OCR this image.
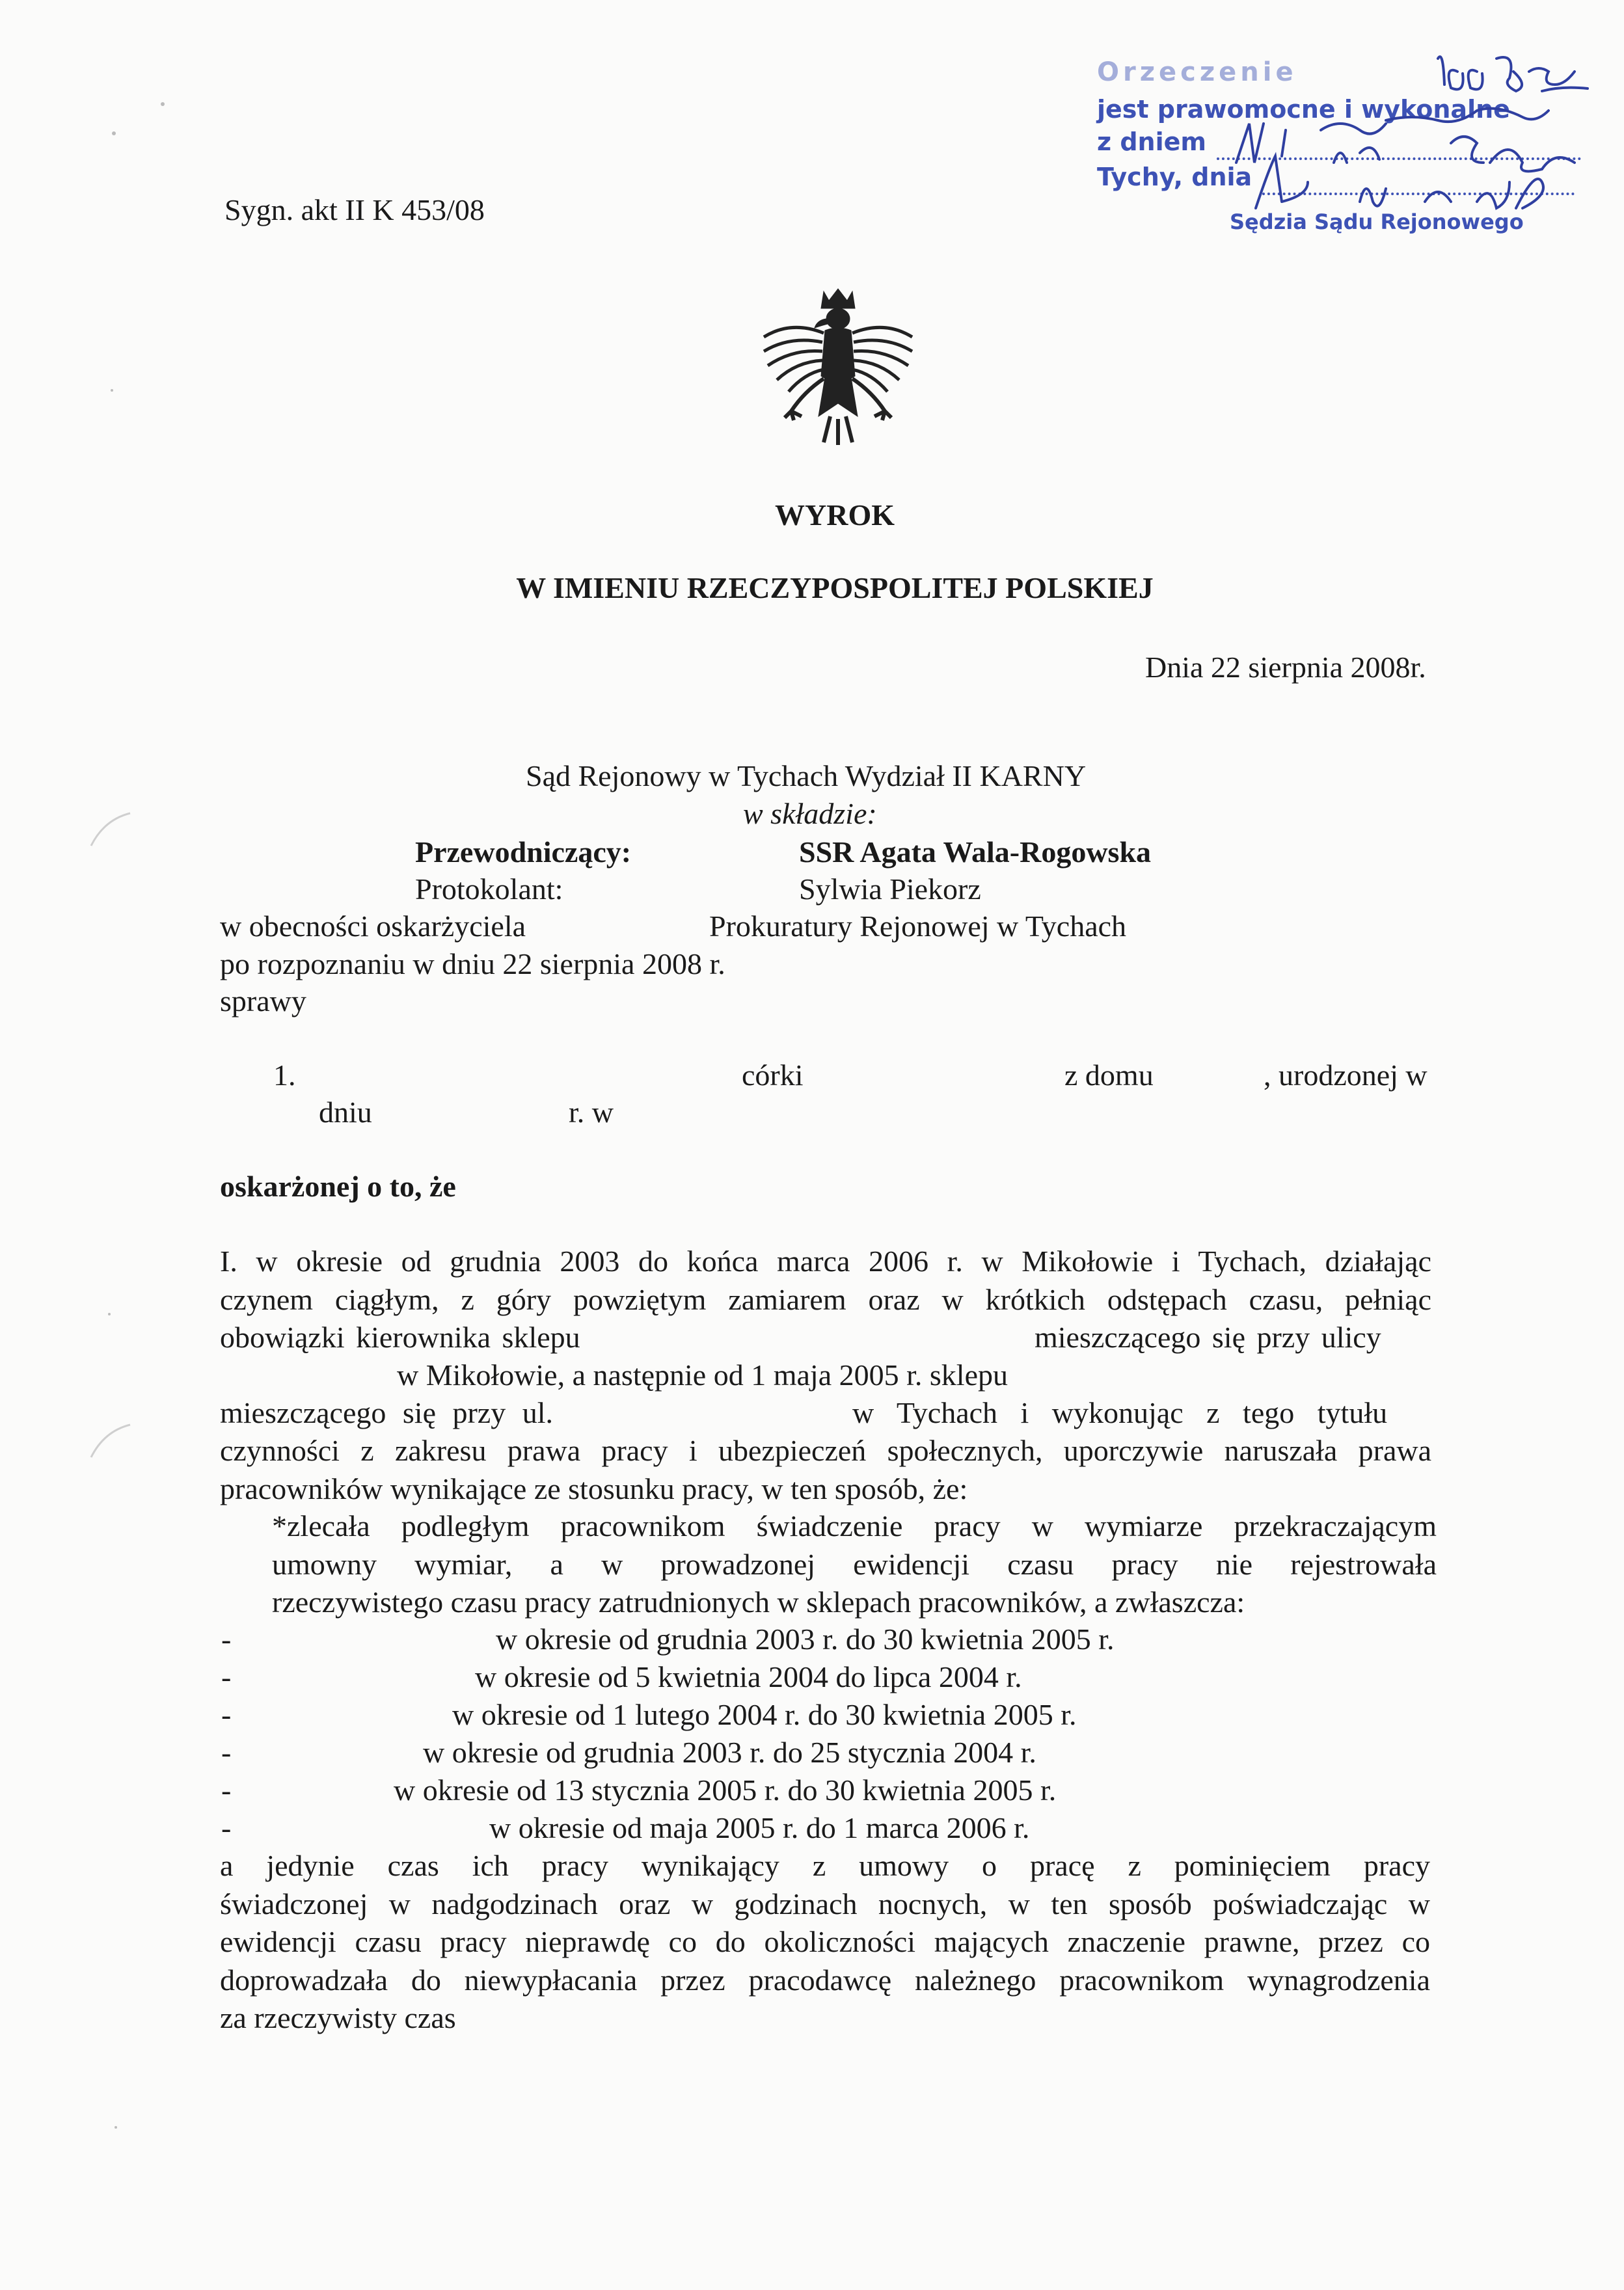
Orzeczenie
jest prawomocne i wykonalne
z dniem
Tychy, dnia
Sędzia Sądu Rejonowego
Sygn. akt II K 453/08
WYROK
W IMIENIU RZECZYPOSPOLITEJ POLSKIEJ
Dnia 22 sierpnia 2008r.
Sąd Rejonowy w Tychach Wydział II KARNY
w składzie:
Przewodniczący:	SSR Agata Wala-Rogowska
Protokolant:	Sylwia Piekorz
w obecności oskarżyciela	Prokuratury Rejonowej w Tychach
po rozpoznaniu w dniu 22 sierpnia 2008 r.
sprawy
1.	córki	z domu	, urodzonej w
dniu	r. w
oskarżonej o to, że
I. w okresie od grudnia 2003 do końca marca 2006 r. w Mikołowie i Tychach, działając
czynem ciągłym, z góry powziętym zamiarem oraz w krótkich odstępach czasu, pełniąc
obowiązki kierownika sklepu	mieszczącego się przy ulicy
w Mikołowie, a następnie od 1 maja 2005 r. sklepu
mieszczącego się przy ul.	w Tychach i wykonując z tego tytułu
czynności z zakresu prawa pracy i ubezpieczeń społecznych, uporczywie naruszała prawa
pracowników wynikające ze stosunku pracy, w ten sposób, że:
*zlecała podległym pracownikom świadczenie pracy w wymiarze przekraczającym
umowny wymiar, a w prowadzonej ewidencji czasu pracy nie rejestrowała
rzeczywistego czasu pracy zatrudnionych w sklepach pracowników, a zwłaszcza:
-	w okresie od grudnia 2003 r. do 30 kwietnia 2005 r.
-	w okresie od 5 kwietnia 2004 do lipca 2004 r.
-	w okresie od 1 lutego 2004 r. do 30 kwietnia 2005 r.
-	w okresie od grudnia 2003 r. do 25 stycznia 2004 r.
-	w okresie od 13 stycznia 2005 r. do 30 kwietnia 2005 r.
-	w okresie od maja 2005 r. do 1 marca 2006 r.
a jedynie czas ich pracy wynikający z umowy o pracę z pominięciem pracy
świadczonej w nadgodzinach oraz w godzinach nocnych, w ten sposób poświadczając w
ewidencji czasu pracy nieprawdę co do okoliczności mających znaczenie prawne, przez co
doprowadzała do niewypłacania przez pracodawcę należnego pracownikom wynagrodzenia
za rzeczywisty czas
